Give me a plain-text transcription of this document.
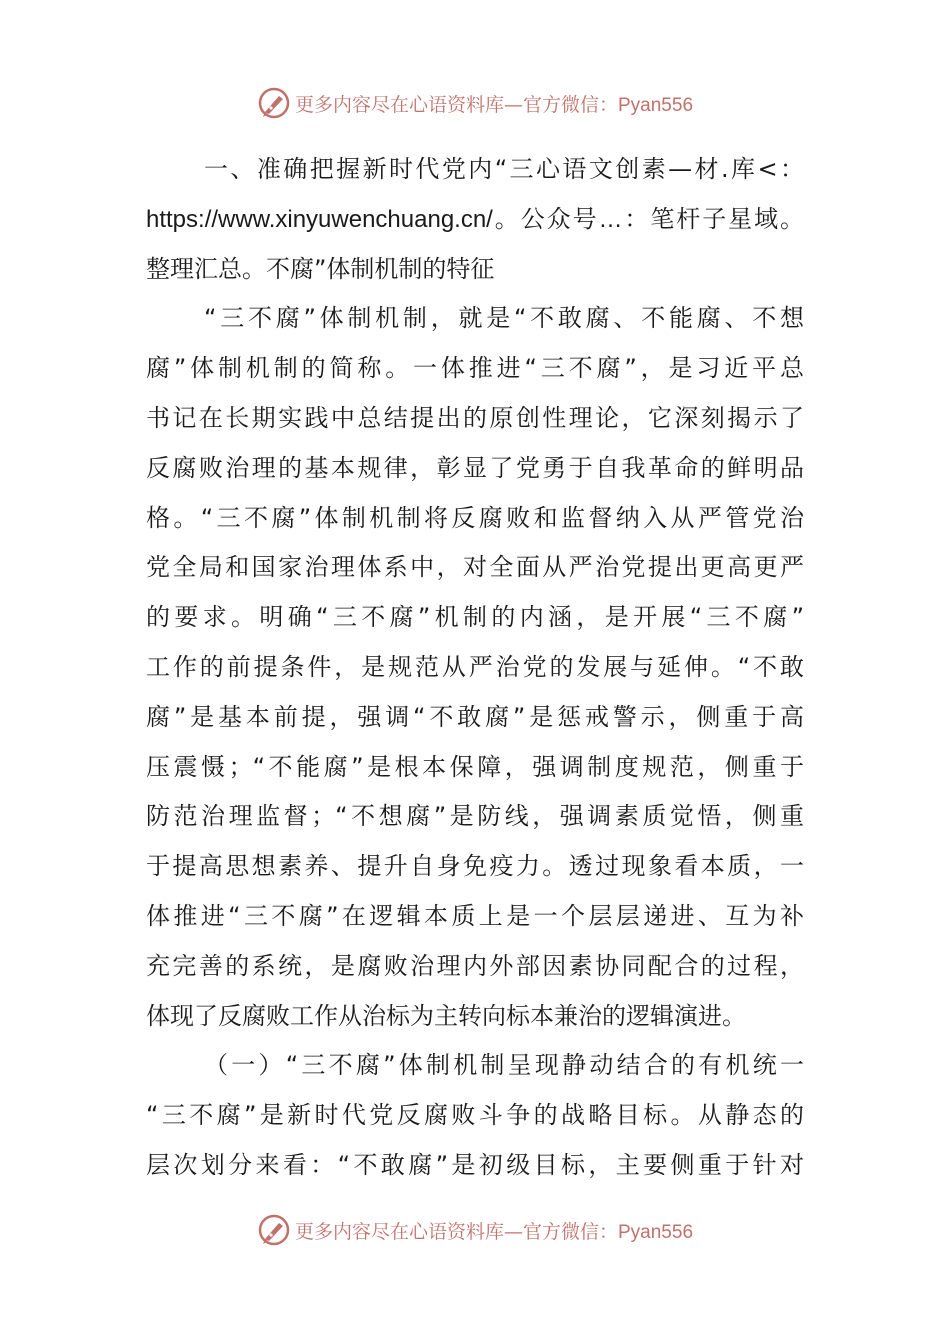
更多内容尽在心语资料库—官方微信：Pyan556
一、准确把握新时代党内“三心语文创素—材.库<：
https://www.xinyuwenchuang.cn/。公众号…：笔杆子星域。
整理汇总。不腐”体制机制的特征
“三不腐”体制机制，就是“不敢腐、不能腐、不想
腐”体制机制的简称。一体推进“三不腐”，是习近平总
书记在长期实践中总结提出的原创性理论，它深刻揭示了
反腐败治理的基本规律，彰显了党勇于自我革命的鲜明品
格。“三不腐”体制机制将反腐败和监督纳入从严管党治
党全局和国家治理体系中，对全面从严治党提出更高更严
的要求。明确“三不腐”机制的内涵，是开展“三不腐”
工作的前提条件，是规范从严治党的发展与延伸。“不敢
腐”是基本前提，强调“不敢腐”是惩戒警示，侧重于高
压震慑；“不能腐”是根本保障，强调制度规范，侧重于
防范治理监督；“不想腐”是防线，强调素质觉悟，侧重
于提高思想素养、提升自身免疫力。透过现象看本质，一
体推进“三不腐”在逻辑本质上是一个层层递进、互为补
充完善的系统，是腐败治理内外部因素协同配合的过程，
体现了反腐败工作从治标为主转向标本兼治的逻辑演进。
（一）“三不腐”体制机制呈现静动结合的有机统一
“三不腐”是新时代党反腐败斗争的战略目标。从静态的
层次划分来看：“不敢腐”是初级目标，主要侧重于针对
更多内容尽在心语资料库—官方微信：Pyan556
